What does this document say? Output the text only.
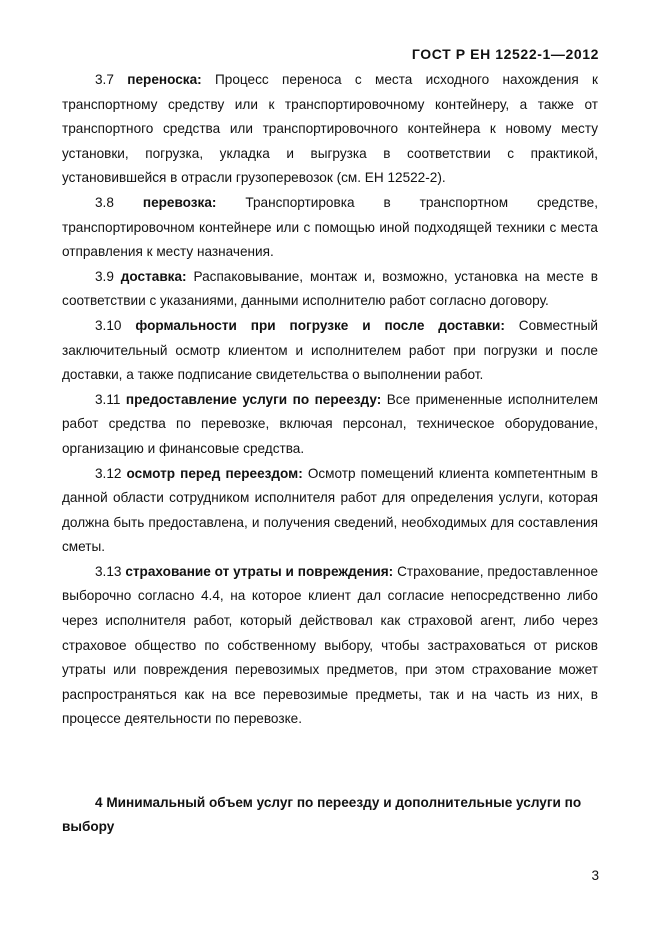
ГОСТ Р ЕН 12522-1—2012

3.7 переноска: Процесс переноса с места исходного нахождения к транспортному средству или к транспортировочному контейнеру, а также от транспортного средства или транспортировочного контейнера к новому месту установки, погрузка, укладка и выгрузка в соответствии с практикой, установившейся в отрасли грузоперевозок (см. ЕН 12522-2).

3.8 перевозка: Транспортировка в транспортном средстве, транспортировочном контейнере или с помощью иной подходящей техники с места отправления к месту назначения.

3.9 доставка: Распаковывание, монтаж и, возможно, установка на месте в соответствии с указаниями, данными исполнителю работ согласно договору.

3.10 формальности при погрузке и после доставки: Совместный заключительный осмотр клиентом и исполнителем работ при погрузки и после доставки, а также подписание свидетельства о выполнении работ.

3.11 предоставление услуги по переезду: Все примененные исполнителем работ средства по перевозке, включая персонал, техническое оборудование, организацию и финансовые средства.

3.12 осмотр перед переездом: Осмотр помещений клиента компетентным в данной области сотрудником исполнителя работ для определения услуги, которая должна быть предоставлена, и получения сведений, необходимых для составления сметы.

3.13 страхование от утраты и повреждения: Страхование, предоставленное выборочно согласно 4.4, на которое клиент дал согласие непосредственно либо через исполнителя работ, который действовал как страховой агент, либо через страховое общество по собственному выбору, чтобы застраховаться от рисков утраты или повреждения перевозимых предметов, при этом страхование может распространяться как на все перевозимые предметы, так и на часть из них, в процессе деятельности по перевозке.

4 Минимальный объем услуг по переезду и дополнительные услуги по выбору

3
